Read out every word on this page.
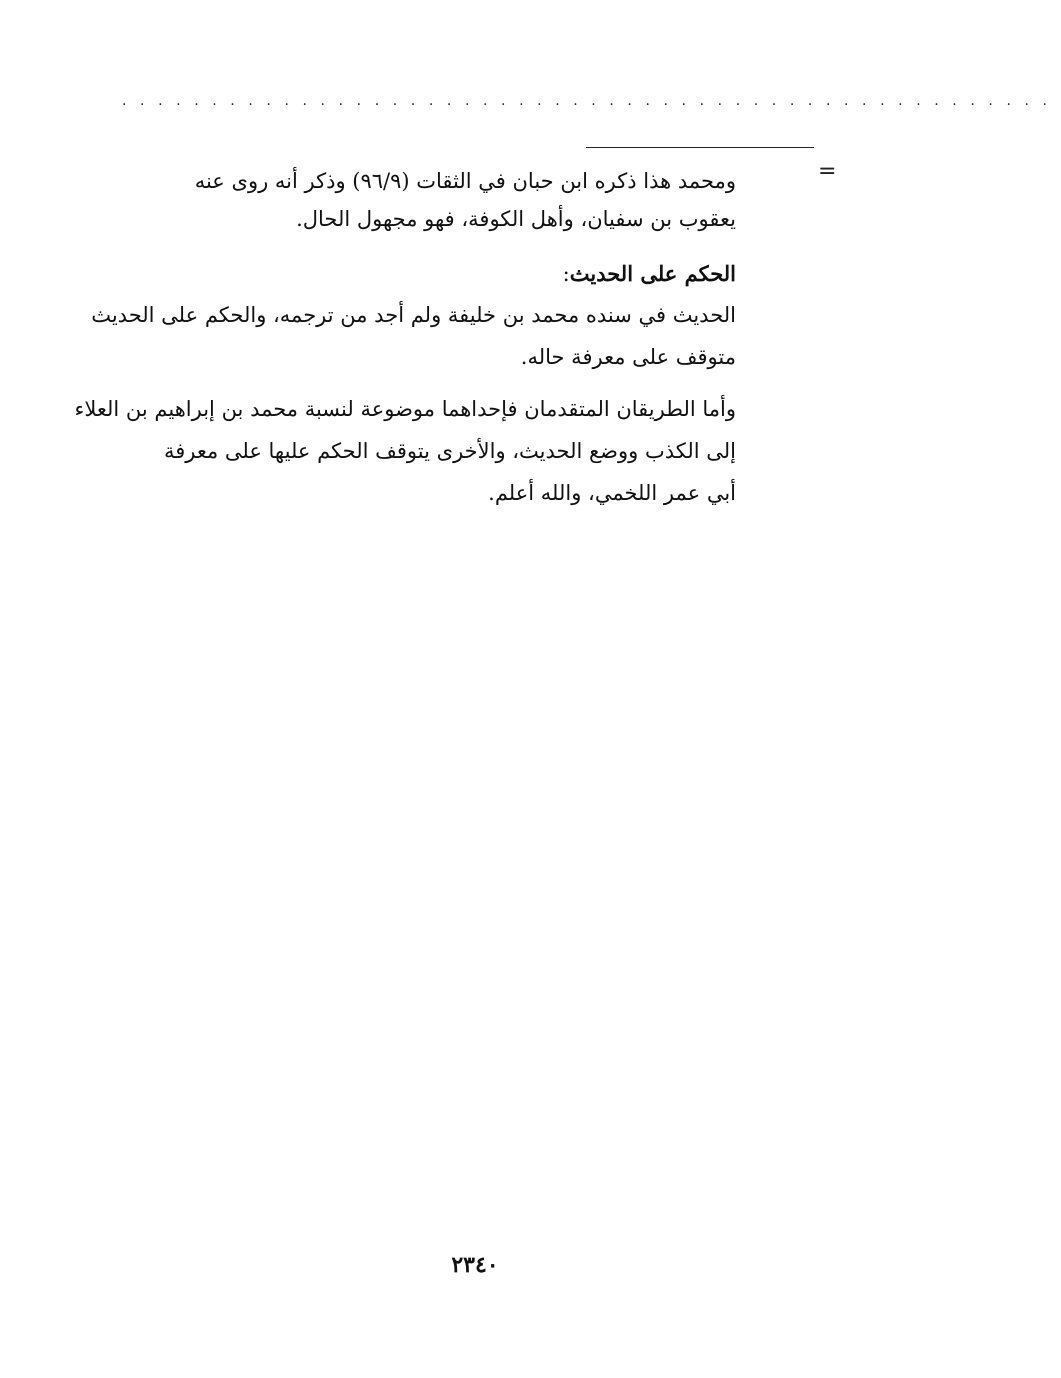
....................................................
=
ومحمد هذا ذكره ابن حبان في الثقات (٩٦/٩) وذكر أنه روى عنه
يعقوب بن سفيان، وأهل الكوفة، فهو مجهول الحال.
الحكم على الحديث:
الحديث في سنده محمد بن خليفة ولم أجد من ترجمه، والحكم على الحديث
متوقف على معرفة حاله.
وأما الطريقان المتقدمان فإحداهما موضوعة لنسبة محمد بن إبراهيم بن العلاء
إلى الكذب ووضع الحديث، والأخرى يتوقف الحكم عليها على معرفة
أبي عمر اللخمي، والله أعلم.
٢٣٤٠
